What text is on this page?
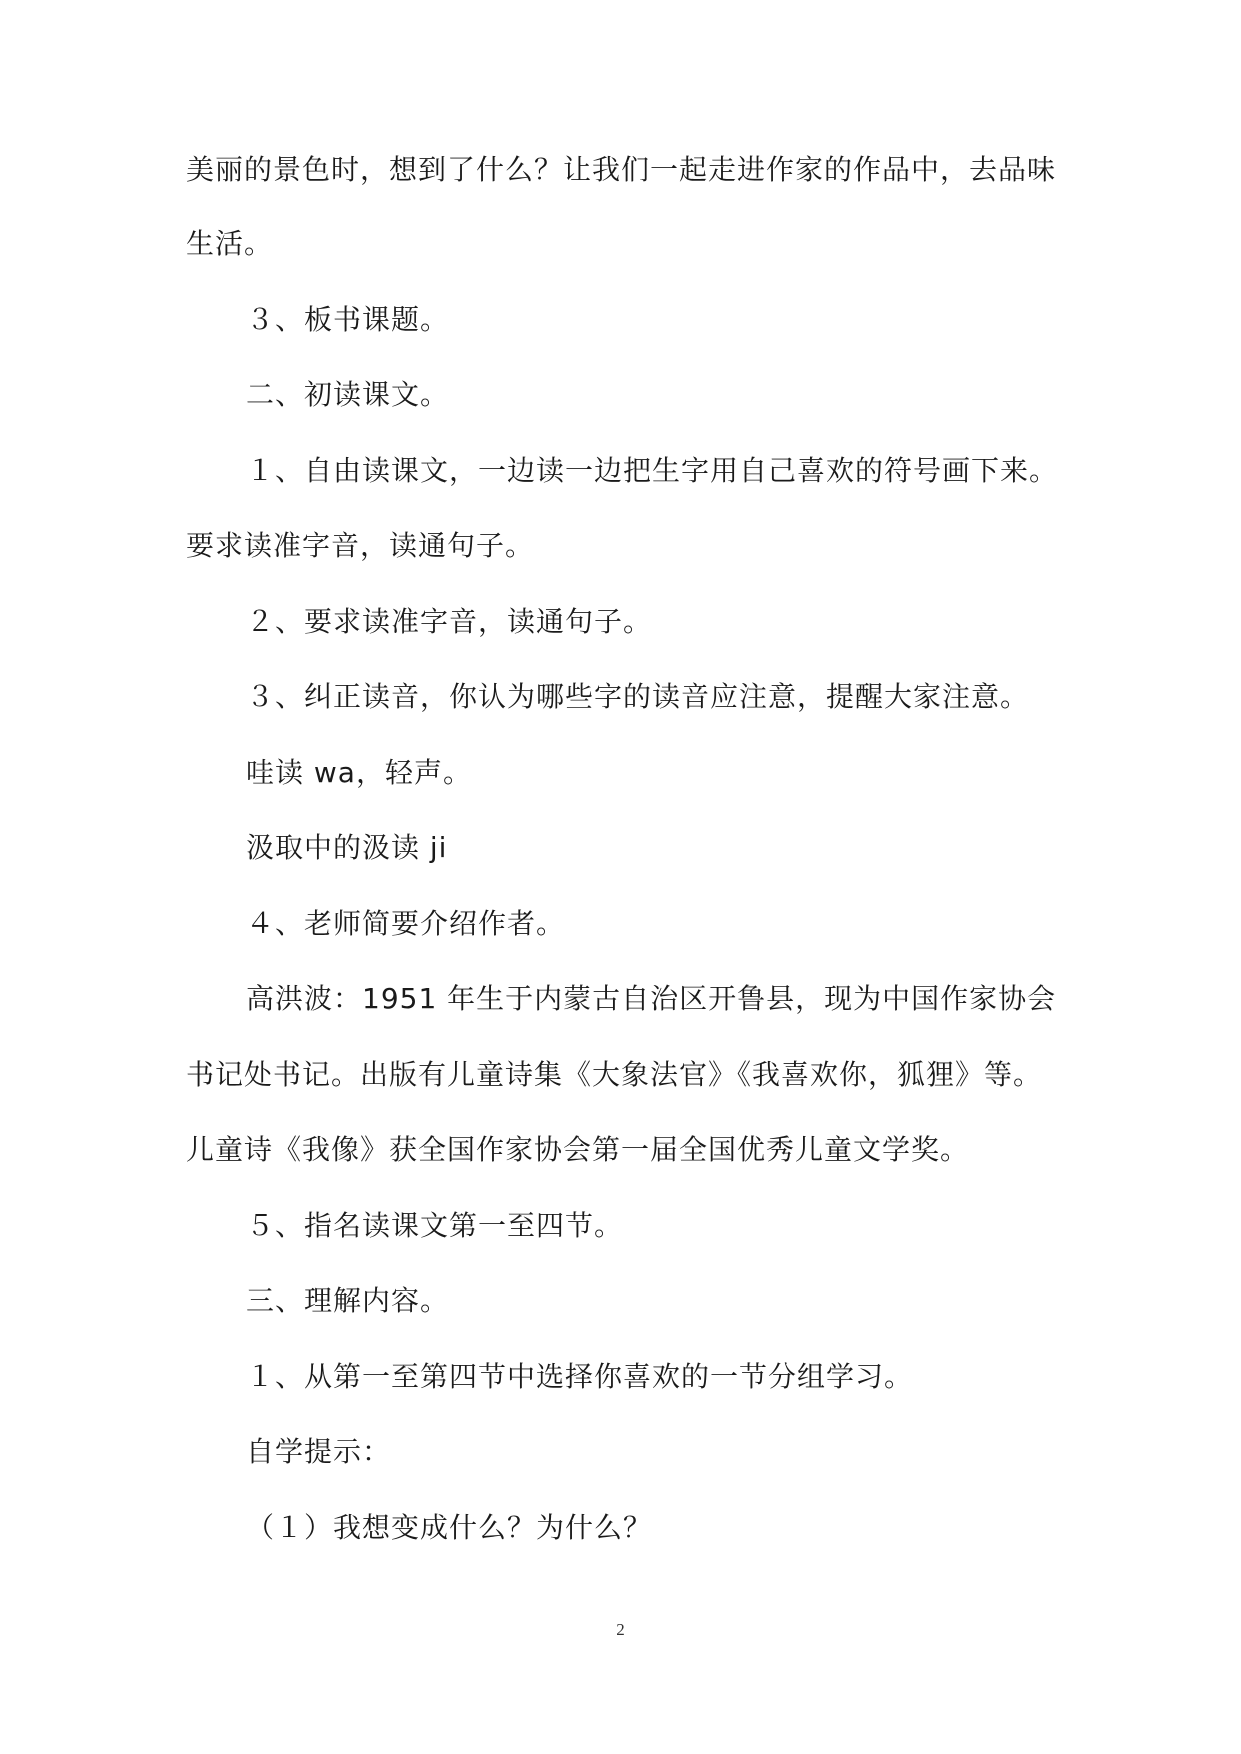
美丽的景色时，想到了什么？让我们一起走进作家的作品中，去品味
生活。
３、板书课题。
二、初读课文。
１、自由读课文，一边读一边把生字用自己喜欢的符号画下来。
要求读准字音，读通句子。
２、要求读准字音，读通句子。
３、纠正读音，你认为哪些字的读音应注意，提醒大家注意。
哇读 wa，轻声。
汲取中的汲读 ji
４、老师简要介绍作者。
高洪波：1951 年生于内蒙古自治区开鲁县，现为中国作家协会
书记处书记。出版有儿童诗集《大象法官》《我喜欢你，狐狸》等。
儿童诗《我像》获全国作家协会第一届全国优秀儿童文学奖。
５、指名读课文第一至四节。
三、理解内容。
１、从第一至第四节中选择你喜欢的一节分组学习。
自学提示：
（１）我想变成什么？为什么？
2
